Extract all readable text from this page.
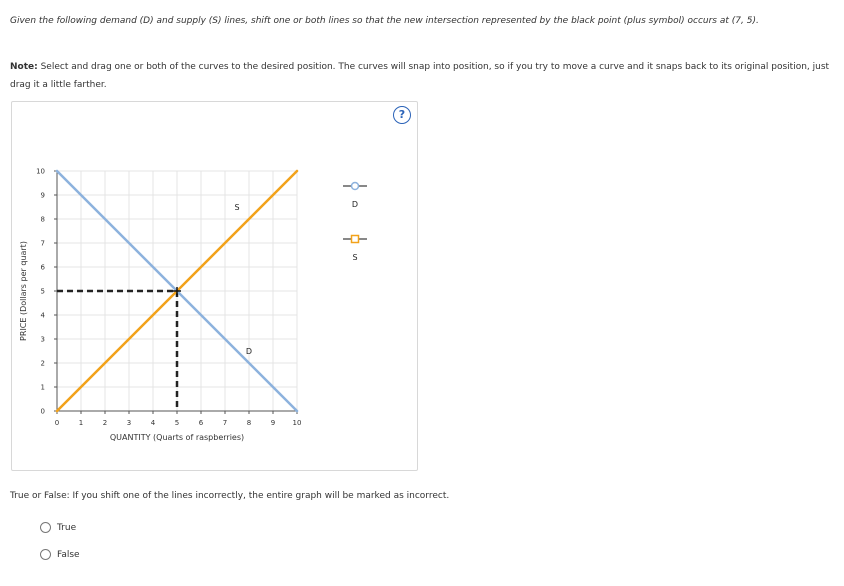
Given the following demand (D) and supply (S) lines, shift one or both lines so that the new intersection represented by the black point (plus symbol) occurs at (7, 5).
Note: Select and drag one or both of the curves to the desired position. The curves will snap into position, so if you try to move a curve and it snaps back to its original position, just drag it a little farther.
?
0
1
2
3
4
5
6
7
8
9
10
0	1	2	3	4	5	6	7	8	9 10
QUANTITY (Quarts of raspberries)
PRICE (Dollars per quart)
D
S	D
S
True or False: If you shift one of the lines incorrectly, the entire graph will be marked as incorrect.
True
False
